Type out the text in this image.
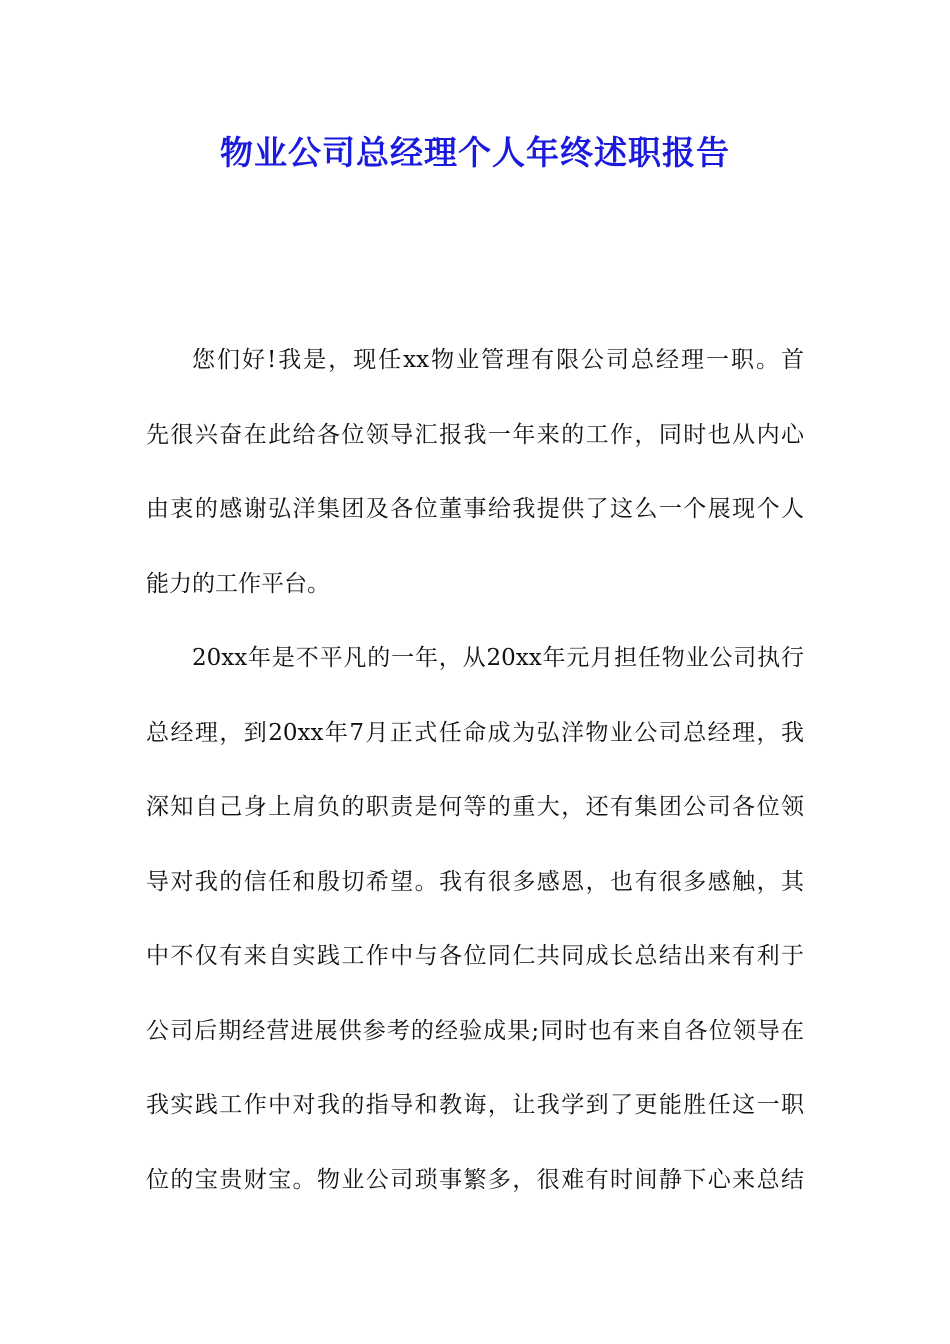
物业公司总经理个人年终述职报告
您们好!我是，现任xx物业管理有限公司总经理一职。首
先很兴奋在此给各位领导汇报我一年来的工作，同时也从内心
由衷的感谢弘洋集团及各位董事给我提供了这么一个展现个人
能力的工作平台。
20xx年是不平凡的一年，从20xx年元月担任物业公司执行
总经理，到20xx年7月正式任命成为弘洋物业公司总经理，我
深知自己身上肩负的职责是何等的重大，还有集团公司各位领
导对我的信任和殷切希望。我有很多感恩，也有很多感触，其
中不仅有来自实践工作中与各位同仁共同成长总结出来有利于
公司后期经营进展供参考的经验成果;同时也有来自各位领导在
我实践工作中对我的指导和教诲，让我学到了更能胜任这一职
位的宝贵财宝。物业公司琐事繁多，很难有时间静下心来总结
